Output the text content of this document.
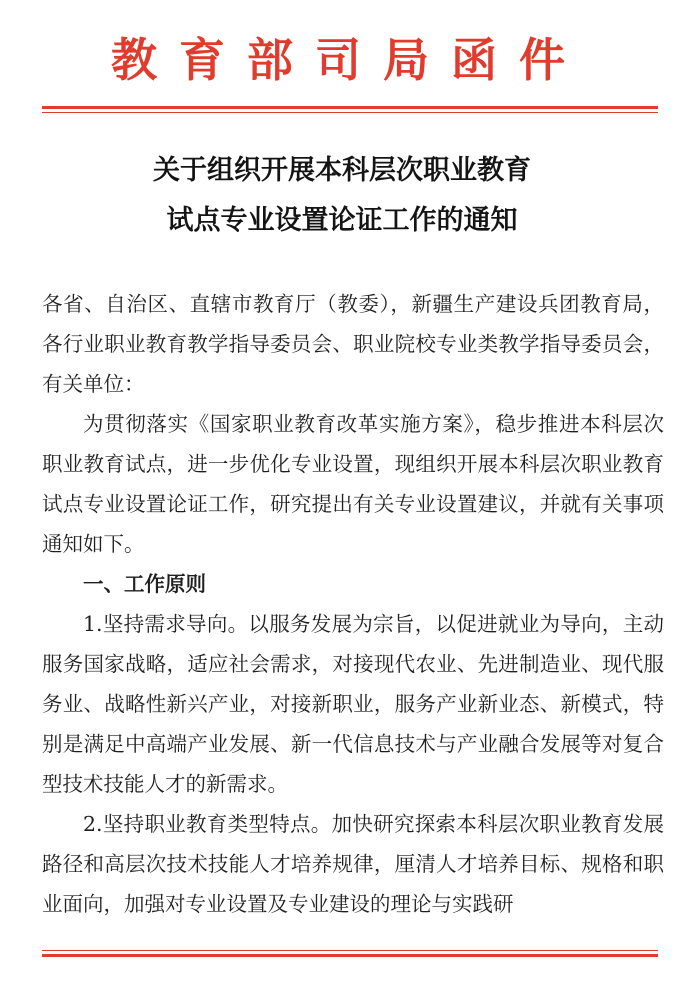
教育部司局函件
关于组织开展本科层次职业教育
试点专业设置论证工作的通知

各省、自治区、直辖市教育厅（教委），新疆生产建设兵团教育局，各行业职业教育教学指导委员会、职业院校专业类教学指导委员会，有关单位：

为贯彻落实《国家职业教育改革实施方案》，稳步推进本科层次职业教育试点，进一步优化专业设置，现组织开展本科层次职业教育试点专业设置论证工作，研究提出有关专业设置建议，并就有关事项通知如下。

一、工作原则

1.坚持需求导向。以服务发展为宗旨，以促进就业为导向，主动服务国家战略，适应社会需求，对接现代农业、先进制造业、现代服务业、战略性新兴产业，对接新职业，服务产业新业态、新模式，特别是满足中高端产业发展、新一代信息技术与产业融合发展等对复合型技术技能人才的新需求。

2.坚持职业教育类型特点。加快研究探索本科层次职业教育发展路径和高层次技术技能人才培养规律，厘清人才培养目标、规格和职业面向，加强对专业设置及专业建设的理论与实践研
